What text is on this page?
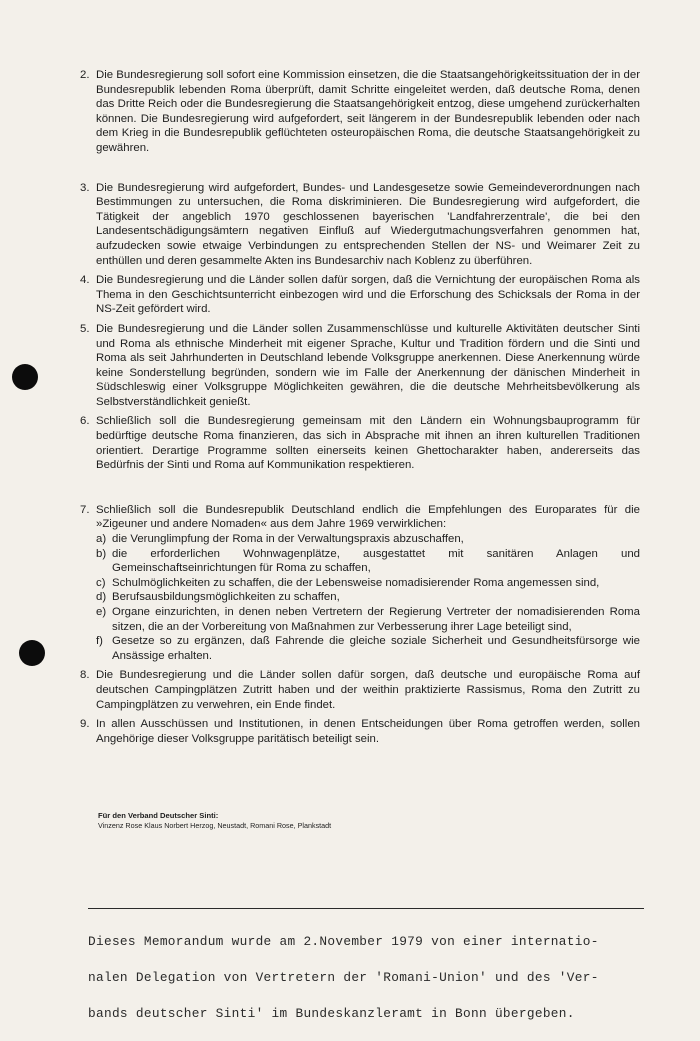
2. Die Bundesregierung soll sofort eine Kommission einsetzen, die die Staatsangehörigkeitssituation der in der Bundesrepublik lebenden Roma überprüft, damit Schritte eingeleitet werden, daß deutsche Roma, denen das Dritte Reich oder die Bundesregierung die Staatsangehörigkeit entzog, diese umgehend zurückerhalten können. Die Bundesregierung wird aufgefordert, seit längerem in der Bundesrepublik lebenden oder nach dem Krieg in die Bundesrepublik geflüchteten osteuropäischen Roma, die deutsche Staatsangehörigkeit zu gewähren.
3. Die Bundesregierung wird aufgefordert, Bundes- und Landesgesetze sowie Gemeindeverordnungen nach Bestimmungen zu untersuchen, die Roma diskriminieren. Die Bundesregierung wird aufgefordert, die Tätigkeit der angeblich 1970 geschlossenen bayerischen 'Landfahrerzentrale', die bei den Landesentschädigungsämtern negativen Einfluß auf Wiedergutmachungsverfahren genommen hat, aufzudecken sowie etwaige Verbindungen zu entsprechenden Stellen der NS- und Weimarer Zeit zu enthüllen und deren gesammelte Akten ins Bundesarchiv nach Koblenz zu überführen.
4. Die Bundesregierung und die Länder sollen dafür sorgen, daß die Vernichtung der europäischen Roma als Thema in den Geschichtsunterricht einbezogen wird und die Erforschung des Schicksals der Roma in der NS-Zeit gefördert wird.
5. Die Bundesregierung und die Länder sollen Zusammenschlüsse und kulturelle Aktivitäten deutscher Sinti und Roma als ethnische Minderheit mit eigener Sprache, Kultur und Tradition fördern und die Sinti und Roma als seit Jahrhunderten in Deutschland lebende Volksgruppe anerkennen. Diese Anerkennung würde keine Sonderstellung begründen, sondern wie im Falle der Anerkennung der dänischen Minderheit in Südschleswig einer Volksgruppe Möglichkeiten gewähren, die die deutsche Mehrheitsbevölkerung als Selbstverständlichkeit genießt.
6. Schließlich soll die Bundesregierung gemeinsam mit den Ländern ein Wohnungsbauprogramm für bedürftige deutsche Roma finanzieren, das sich in Absprache mit ihnen an ihren kulturellen Traditionen orientiert. Derartige Programme sollten einerseits keinen Ghettocharakter haben, andererseits das Bedürfnis der Sinti und Roma auf Kommunikation respektieren.
7. Schließlich soll die Bundesrepublik Deutschland endlich die Empfehlungen des Europarates für die »Zigeuner und andere Nomaden« aus dem Jahre 1969 verwirklichen:
a) die Verunglimpfung der Roma in der Verwaltungspraxis abzuschaffen,
b) die erforderlichen Wohnwagenplätze, ausgestattet mit sanitären Anlagen und Gemeinschaftseinrichtungen für Roma zu schaffen,
c) Schulmöglichkeiten zu schaffen, die der Lebensweise nomadisierender Roma angemessen sind,
d) Berufsausbildungsmöglichkeiten zu schaffen,
e) Organe einzurichten, in denen neben Vertretern der Regierung Vertreter der nomadisierenden Roma sitzen, die an der Vorbereitung von Maßnahmen zur Verbesserung ihrer Lage beteiligt sind,
f) Gesetze so zu ergänzen, daß Fahrende die gleiche soziale Sicherheit und Gesundheitsfürsorge wie Ansässige erhalten.
8. Die Bundesregierung und die Länder sollen dafür sorgen, daß deutsche und europäische Roma auf deutschen Campingplätzen Zutritt haben und der weithin praktizierte Rassismus, Roma den Zutritt zu Campingplätzen zu verwehren, ein Ende findet.
9. In allen Ausschüssen und Institutionen, in denen Entscheidungen über Roma getroffen werden, sollen Angehörige dieser Volksgruppe paritätisch beteiligt sein.
Für den Verband Deutscher Sinti:
Vinzenz Rose Klaus Norbert Herzog, Neustadt, Romani Rose, Plankstadt

Dieses Memorandum wurde am 2.November 1979 von einer internatio-

nalen Delegation von Vertretern der 'Romani-Union' und des 'Ver-

bands deutscher Sinti' im Bundeskanzleramt in Bonn übergeben.
